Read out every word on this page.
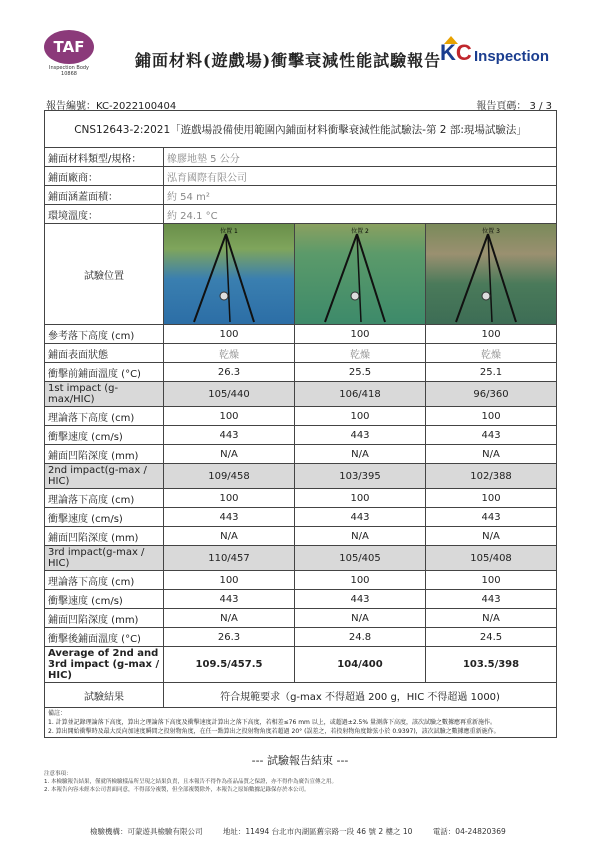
TAF
Inspection Body 10868
鋪面材料(遊戲場)衝擊衰減性能試驗報告
KC Inspection
報告編號：KC-2022100404	報告頁碼： 3 / 3
CNS12643-2:2021「遊戲場設備使用範圍內鋪面材料衝擊衰減性能試驗法-第 2 部:現場試驗法」			
鋪面材料類型/規格：	橡膠地墊 5 公分		
鋪面廠商：	泓育國際有限公司		
鋪面涵蓋面積：	約 54 m²		
環境溫度：	約 24.1 °C		
試驗位置	位置 1	位置 2	位置 3

參考落下高度 (cm)	100	100	100
鋪面表面狀態	乾燥	乾燥	乾燥
衝擊前鋪面溫度 (°C)	26.3	25.5	25.1
1st impact (g-max/HIC)	105/440	106/418	96/360
理論落下高度 (cm)	100	100	100
衝擊速度 (cm/s)	443	443	443
鋪面凹陷深度 (mm)	N/A	N/A	N/A
2nd impact(g-max / HIC)	109/458	103/395	102/388
理論落下高度 (cm)	100	100	100
衝擊速度 (cm/s)	443	443	443
鋪面凹陷深度 (mm)	N/A	N/A	N/A
3rd impact(g-max / HIC)	110/457	105/405	105/408
理論落下高度 (cm)	100	100	100
衝擊速度 (cm/s)	443	443	443
鋪面凹陷深度 (mm)	N/A	N/A	N/A
衝擊後鋪面溫度 (°C)	26.3	24.8	24.5
Average of 2nd and 3rd impact (g-max / HIC)	109.5/457.5	104/400	103.5/398
試驗結果	符合規範要求（g-max 不得超過 200 g，HIC 不得超過 1000)		

備註：
1. 計算並記錄理論落下高度，算出之理論落下高度及衝擊速度計算出之落下高度，若相差≤76 mm 以上，或超過±2.5% 量測落下高度，該次試驗之數據應再重新施作。
2. 算出開始衝擊時及最大反向加速度瞬間之投射物角度，在任一點算出之投射物角度若超過 20° (誤差之，若投射物角度餘弦小於 0.9397)，該次試驗之數據應重新施作。			
--- 試驗報告結束 ---
注意事項：
1. 本檢驗報告結果，僅就所檢驗樣品所呈現之結果負責，且本報告不得作為產品品質之保證，亦不得作為廣告宣傳之用。
2. 本報告內容未經本公司書面同意，不得部分複製，但全部複製除外，本報告之原始數據記錄保存於本公司。
檢驗機構：可蒙遊具檢驗有限公司	地址：11494 台北市內湖區舊宗路一段 46 號 2 樓之 10	電話：04-24820369
